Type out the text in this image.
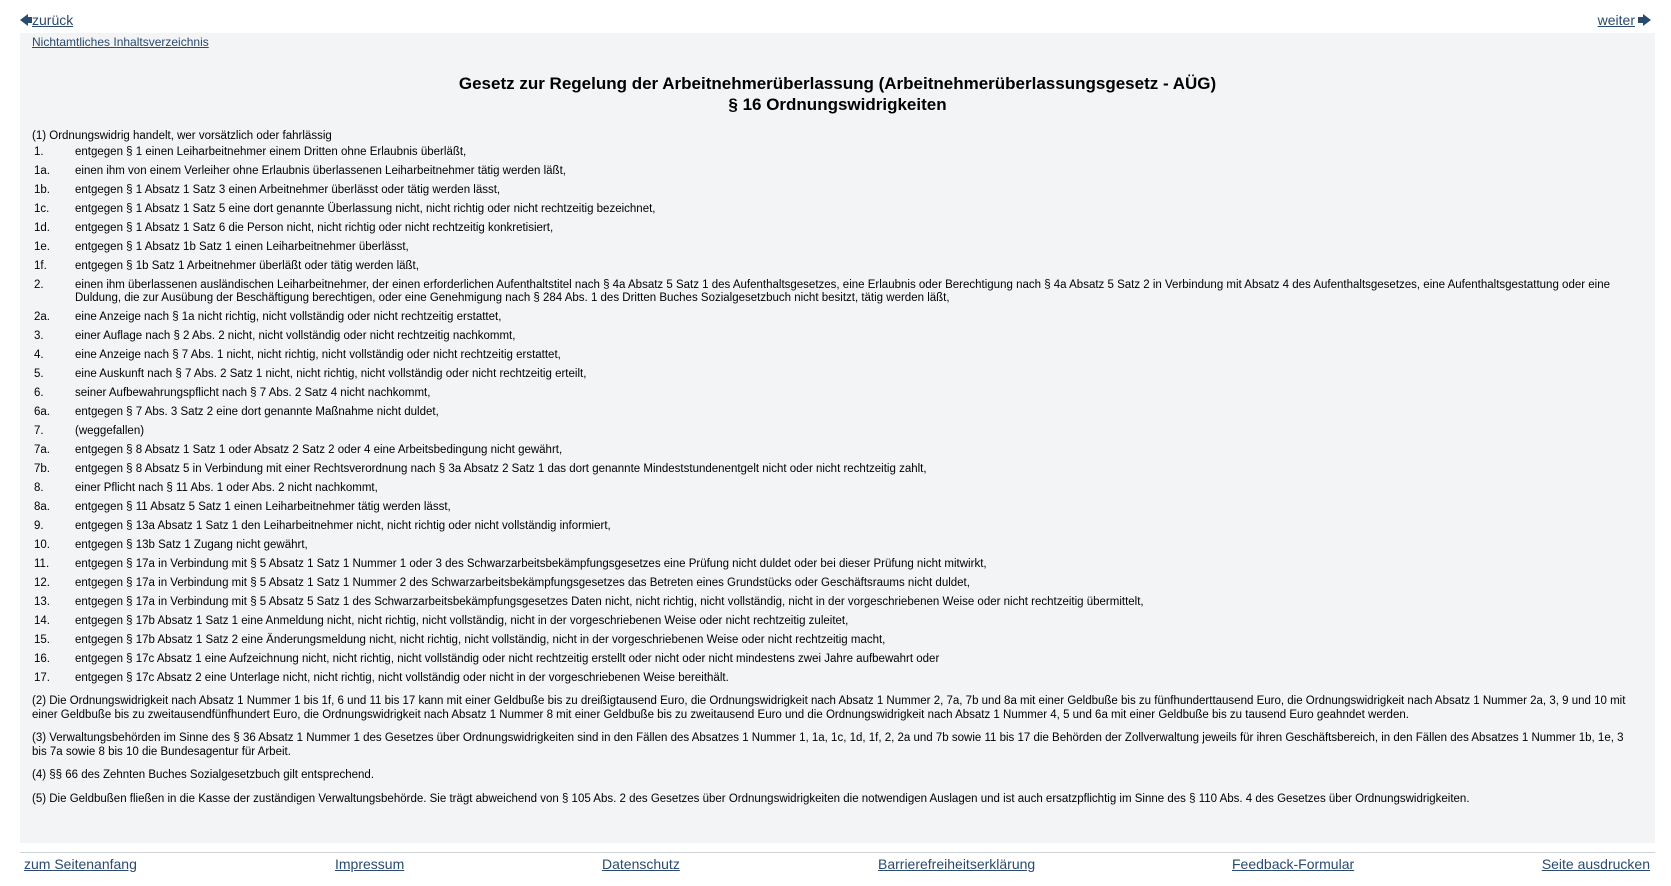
zurück	weiter
Nichtamtliches Inhaltsverzeichnis
Gesetz zur Regelung der Arbeitnehmerüberlassung (Arbeitnehmerüberlassungsgesetz - AÜG)
§ 16 Ordnungswidrigkeiten
(1) Ordnungswidrig handelt, wer vorsätzlich oder fahrlässig
1.	entgegen § 1 einen Leiharbeitnehmer einem Dritten ohne Erlaubnis überläßt,
1a.	einen ihm von einem Verleiher ohne Erlaubnis überlassenen Leiharbeitnehmer tätig werden läßt,
1b.	entgegen § 1 Absatz 1 Satz 3 einen Arbeitnehmer überlässt oder tätig werden lässt,
1c.	entgegen § 1 Absatz 1 Satz 5 eine dort genannte Überlassung nicht, nicht richtig oder nicht rechtzeitig bezeichnet,
1d.	entgegen § 1 Absatz 1 Satz 6 die Person nicht, nicht richtig oder nicht rechtzeitig konkretisiert,
1e.	entgegen § 1 Absatz 1b Satz 1 einen Leiharbeitnehmer überlässt,
1f.	entgegen § 1b Satz 1 Arbeitnehmer überläßt oder tätig werden läßt,
2.	einen ihm überlassenen ausländischen Leiharbeitnehmer, der einen erforderlichen Aufenthaltstitel nach § 4a Absatz 5 Satz 1 des Aufenthaltsgesetzes, eine Erlaubnis oder Berechtigung nach § 4a Absatz 5 Satz 2 in Verbindung mit Absatz 4 des Aufenthaltsgesetzes, eine Aufenthaltsgestattung oder eine Duldung, die zur Ausübung der Beschäftigung berechtigen, oder eine Genehmigung nach § 284 Abs. 1 des Dritten Buches Sozialgesetzbuch nicht besitzt, tätig werden läßt,
2a.	eine Anzeige nach § 1a nicht richtig, nicht vollständig oder nicht rechtzeitig erstattet,
3.	einer Auflage nach § 2 Abs. 2 nicht, nicht vollständig oder nicht rechtzeitig nachkommt,
4.	eine Anzeige nach § 7 Abs. 1 nicht, nicht richtig, nicht vollständig oder nicht rechtzeitig erstattet,
5.	eine Auskunft nach § 7 Abs. 2 Satz 1 nicht, nicht richtig, nicht vollständig oder nicht rechtzeitig erteilt,
6.	seiner Aufbewahrungspflicht nach § 7 Abs. 2 Satz 4 nicht nachkommt,
6a.	entgegen § 7 Abs. 3 Satz 2 eine dort genannte Maßnahme nicht duldet,
7.	(weggefallen)
7a.	entgegen § 8 Absatz 1 Satz 1 oder Absatz 2 Satz 2 oder 4 eine Arbeitsbedingung nicht gewährt,
7b.	entgegen § 8 Absatz 5 in Verbindung mit einer Rechtsverordnung nach § 3a Absatz 2 Satz 1 das dort genannte Mindeststundenentgelt nicht oder nicht rechtzeitig zahlt,
8.	einer Pflicht nach § 11 Abs. 1 oder Abs. 2 nicht nachkommt,
8a.	entgegen § 11 Absatz 5 Satz 1 einen Leiharbeitnehmer tätig werden lässt,
9.	entgegen § 13a Absatz 1 Satz 1 den Leiharbeitnehmer nicht, nicht richtig oder nicht vollständig informiert,
10.	entgegen § 13b Satz 1 Zugang nicht gewährt,
11.	entgegen § 17a in Verbindung mit § 5 Absatz 1 Satz 1 Nummer 1 oder 3 des Schwarzarbeitsbekämpfungsgesetzes eine Prüfung nicht duldet oder bei dieser Prüfung nicht mitwirkt,
12.	entgegen § 17a in Verbindung mit § 5 Absatz 1 Satz 1 Nummer 2 des Schwarzarbeitsbekämpfungsgesetzes das Betreten eines Grundstücks oder Geschäftsraums nicht duldet,
13.	entgegen § 17a in Verbindung mit § 5 Absatz 5 Satz 1 des Schwarzarbeitsbekämpfungsgesetzes Daten nicht, nicht richtig, nicht vollständig, nicht in der vorgeschriebenen Weise oder nicht rechtzeitig übermittelt,
14.	entgegen § 17b Absatz 1 Satz 1 eine Anmeldung nicht, nicht richtig, nicht vollständig, nicht in der vorgeschriebenen Weise oder nicht rechtzeitig zuleitet,
15.	entgegen § 17b Absatz 1 Satz 2 eine Änderungsmeldung nicht, nicht richtig, nicht vollständig, nicht in der vorgeschriebenen Weise oder nicht rechtzeitig macht,
16.	entgegen § 17c Absatz 1 eine Aufzeichnung nicht, nicht richtig, nicht vollständig oder nicht rechtzeitig erstellt oder nicht oder nicht mindestens zwei Jahre aufbewahrt oder
17.	entgegen § 17c Absatz 2 eine Unterlage nicht, nicht richtig, nicht vollständig oder nicht in der vorgeschriebenen Weise bereithält.
(2) Die Ordnungswidrigkeit nach Absatz 1 Nummer 1 bis 1f, 6 und 11 bis 17 kann mit einer Geldbuße bis zu dreißigtausend Euro, die Ordnungswidrigkeit nach Absatz 1 Nummer 2, 7a, 7b und 8a mit einer Geldbuße bis zu fünfhunderttausend Euro, die Ordnungswidrigkeit nach Absatz 1 Nummer 2a, 3, 9 und 10 mit einer Geldbuße bis zu zweitausendfünfhundert Euro, die Ordnungswidrigkeit nach Absatz 1 Nummer 8 mit einer Geldbuße bis zu zweitausend Euro und die Ordnungswidrigkeit nach Absatz 1 Nummer 4, 5 und 6a mit einer Geldbuße bis zu tausend Euro geahndet werden.
(3) Verwaltungsbehörden im Sinne des § 36 Absatz 1 Nummer 1 des Gesetzes über Ordnungswidrigkeiten sind in den Fällen des Absatzes 1 Nummer 1, 1a, 1c, 1d, 1f, 2, 2a und 7b sowie 11 bis 17 die Behörden der Zollverwaltung jeweils für ihren Geschäftsbereich, in den Fällen des Absatzes 1 Nummer 1b, 1e, 3 bis 7a sowie 8 bis 10 die Bundesagentur für Arbeit.
(4) §§ 66 des Zehnten Buches Sozialgesetzbuch gilt entsprechend.
(5) Die Geldbußen fließen in die Kasse der zuständigen Verwaltungsbehörde. Sie trägt abweichend von § 105 Abs. 2 des Gesetzes über Ordnungswidrigkeiten die notwendigen Auslagen und ist auch ersatzpflichtig im Sinne des § 110 Abs. 4 des Gesetzes über Ordnungswidrigkeiten.
zum Seitenanfang	Impressum	Datenschutz	Barrierefreiheitserklärung	Feedback-Formular	Seite ausdrucken
